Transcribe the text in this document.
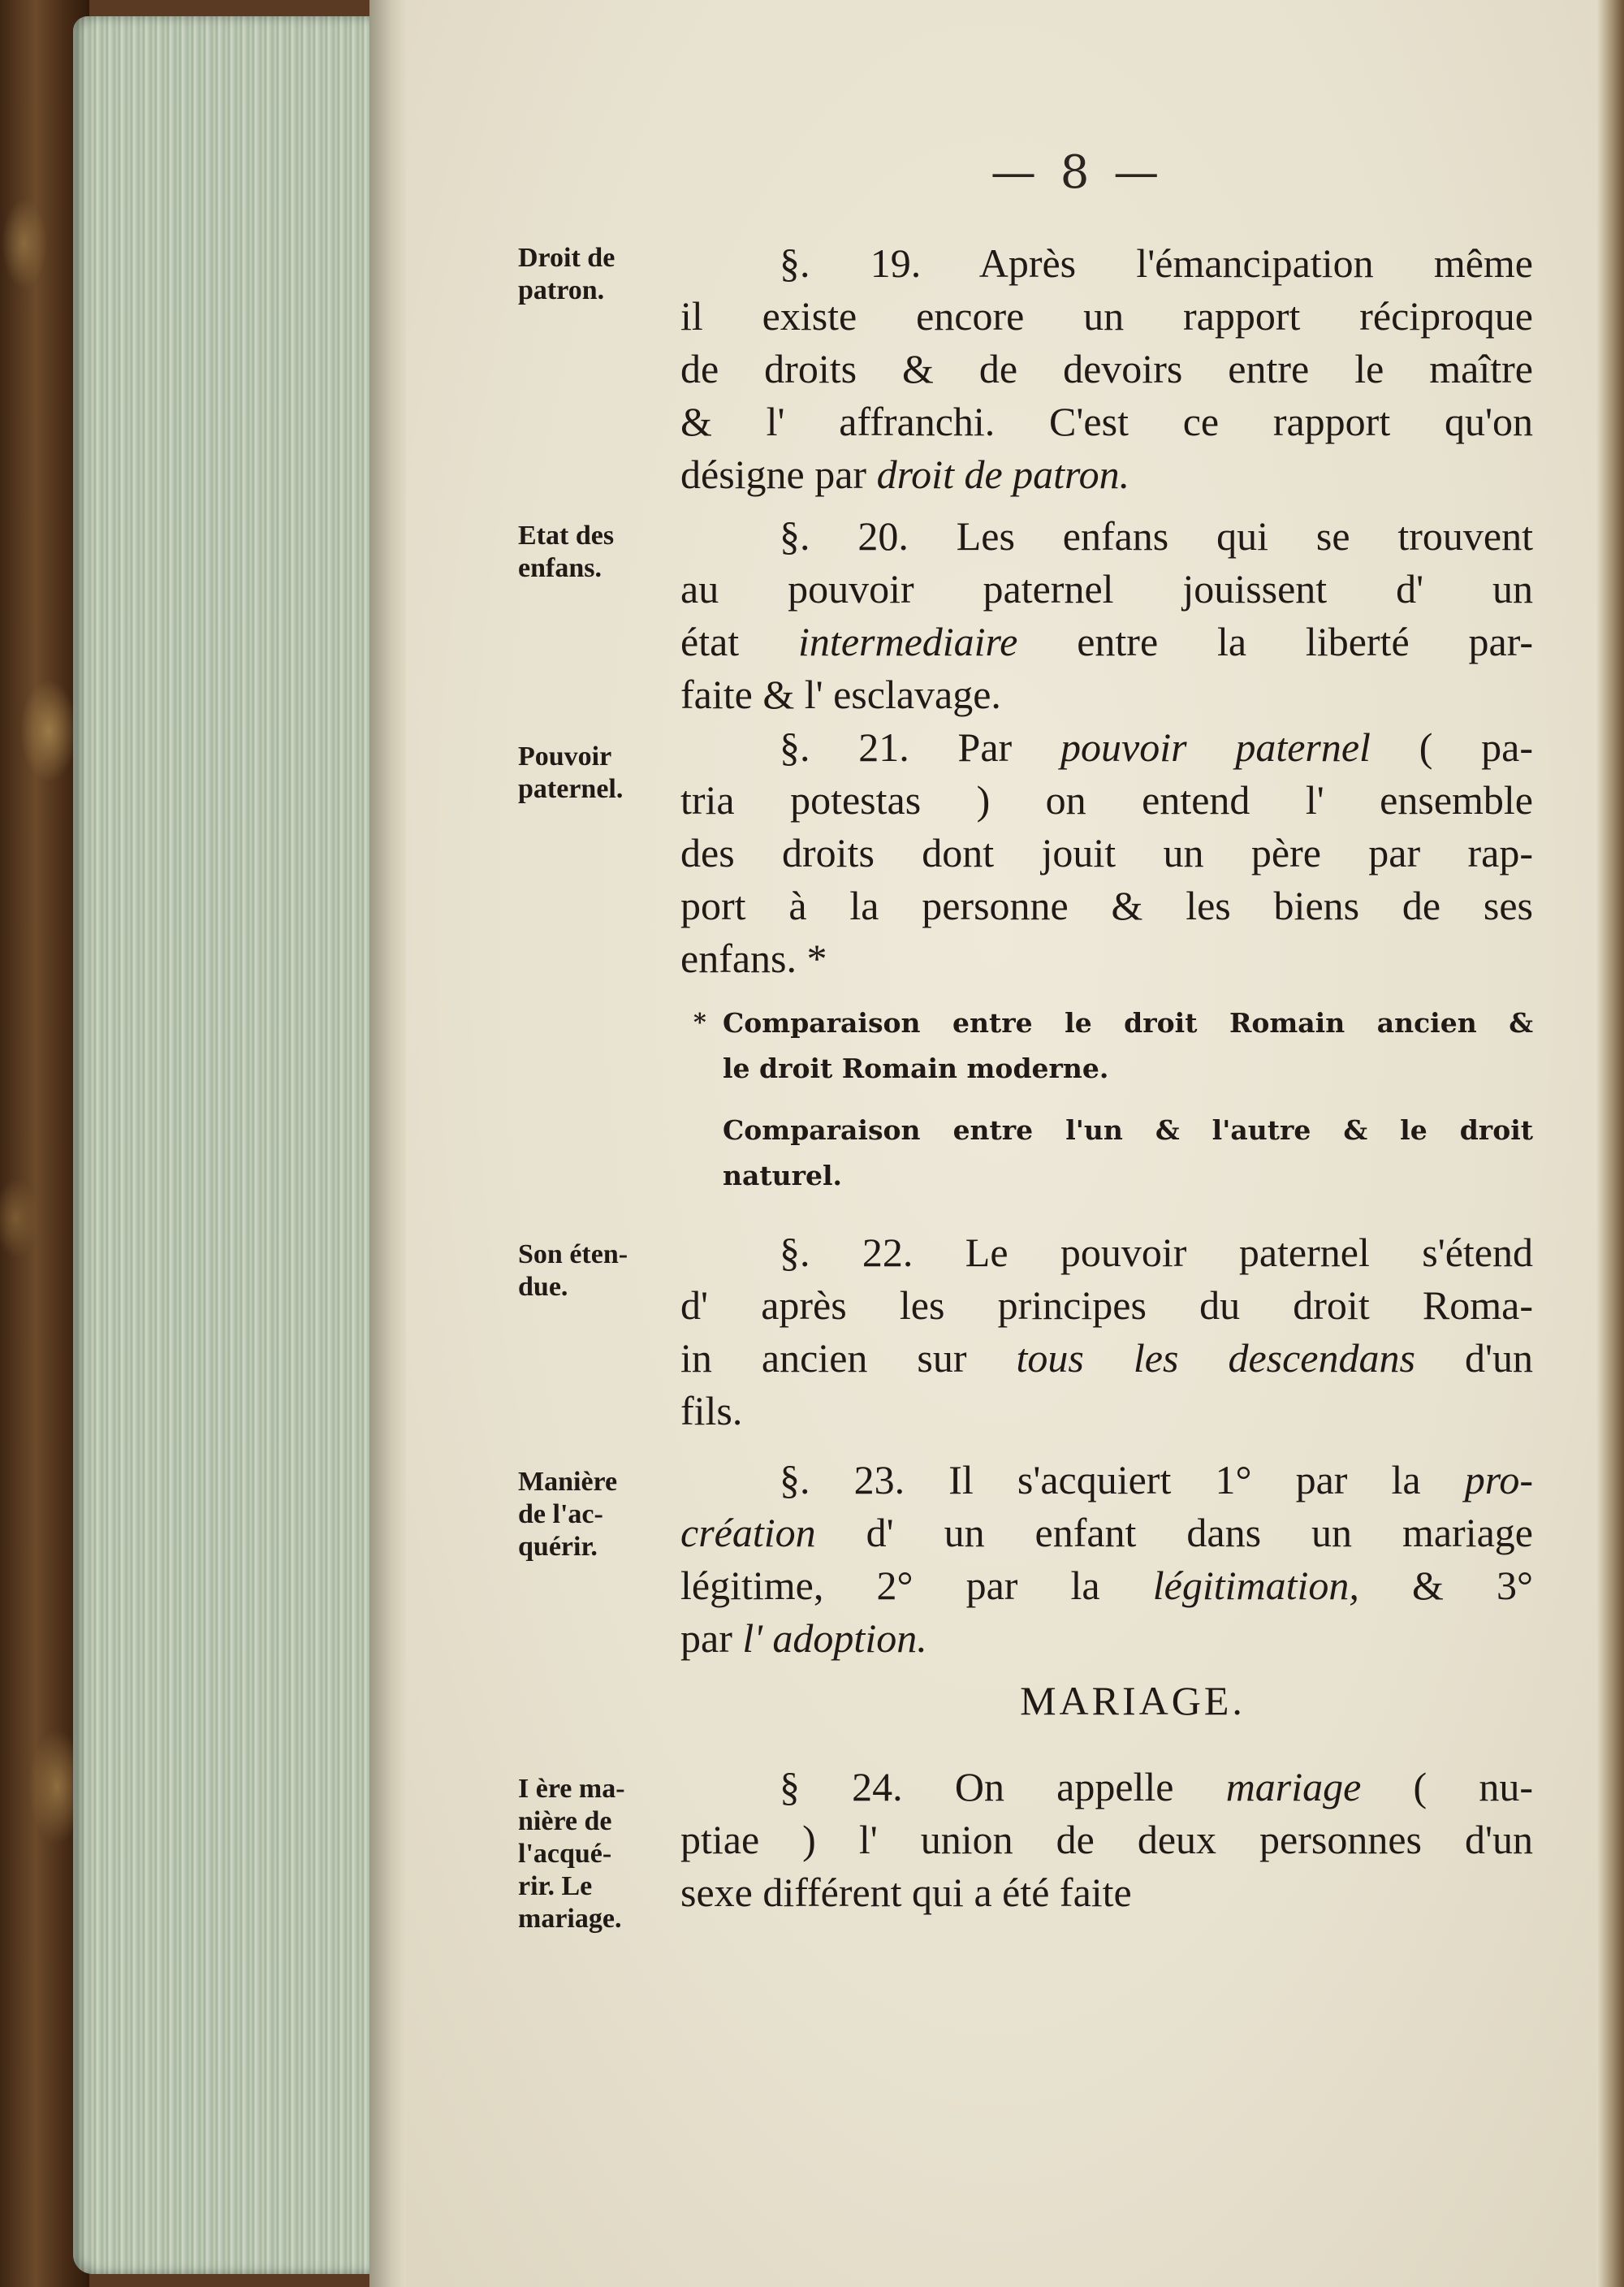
— 8 —
Droit de
patron.
Etat des
enfans.
Pouvoir
paternel.
Son éten-
due.
Manière
de l'ac-
quérir.
I ère ma-
nière de
l'acqué-
rir. Le
mariage.
§. 19. Après l'émancipation même
il existe encore un rapport réciproque
de droits & de devoirs entre le maître
& l' affranchi. C'est ce rapport qu'on
désigne par droit de patron.
§. 20. Les enfans qui se trouvent
au pouvoir paternel jouissent d' un
état intermediaire entre la liberté par-
faite & l' esclavage.
§. 21. Par pouvoir paternel ( pa-
tria potestas ) on entend l' ensemble
des droits dont jouit un père par rap-
port à la personne & les biens de ses
enfans. *
* Comparaison entre le droit Romain ancien &
le droit Romain moderne.
Comparaison entre l'un & l'autre & le droit
naturel.
§. 22. Le pouvoir paternel s'étend
d' après les principes du droit Roma-
in ancien sur tous les descendans d'un
fils.
§. 23. Il s'acquiert 1° par la pro-
création d' un enfant dans un mariage
légitime, 2° par la légitimation, & 3°
par l' adoption.
MARIAGE.
§ 24. On appelle mariage ( nu-
ptiae ) l' union de deux personnes d'un
sexe différent qui a été faite
